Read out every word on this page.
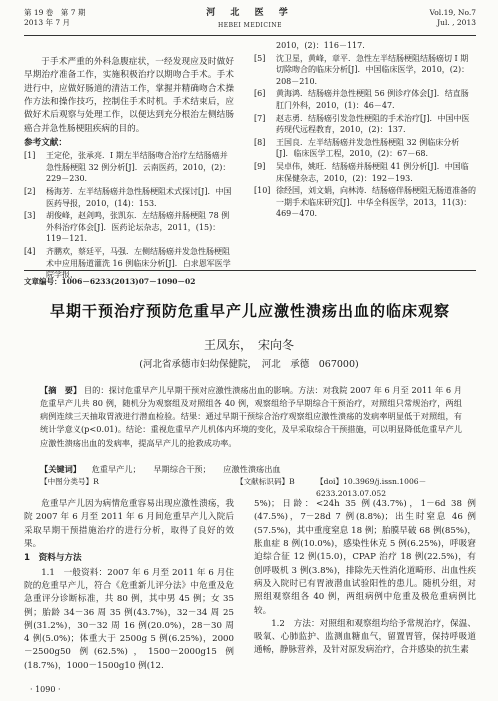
第 19 卷　第 7 期
2013 年 7 月
河 北 医 学
HEBEI MEDICINE
Vol.19, No.7
Jul. , 2013

于手术严重的外科急腹症状，一经发现应及时做好早期治疗准备工作，实施积极治疗以期吻合手术。手术进行中，应做好肠道的清洁工作，掌握并精确吻合术操作方法和操作技巧，控制住手术时机。手术结束后，应做好术后观察与处理工作，以便达到充分根治左侧结肠癌合并急性肠梗阻疾病的目的。

参考文献：
[1] 王定伦，张承亮．I 期左半结肠吻合治疗左结肠癌并急性肠梗阻 32 例分析[J]．云南医药，2010，(2)：229－230.
[2] 杨海芳．左半结肠癌并急性肠梗阻术式探讨[J]．中国医药导报，2010，(14)：153.
[3] 胡俊峰，赵剑鸣，张凯东．左结肠癌并肠梗阻 78 例外科治疗体会[J]．医药论坛杂志，2011，(15)：119－121.
[4] 齐鹏欢，蔡廷平，马强．左侧结肠癌并发急性肠梗阻术中应用肠道灌洗 16 例临床分析[J]．白求恩军医学院学报，
2010，(2)：116－117.
[5] 沈卫星，黄峰，章平．急性左半结肠梗阻结肠癌切 I 期切除吻合的临床分析[J]．中国临床医学，2010，(2)：208－210.
[6] 黄海鸿．结肠癌并急性梗阻 56 例诊疗体会[J]．结直肠肛门外科，2010，(1)：46－47.
[7] 赵志勇．结肠癌引发急性梗阻的手术治疗[J]．中国中医药现代远程教育，2010，(2)：137.
[8] 王国良．左半结肠癌并发急性肠梗阻 32 例临床分析[J]．临床医学工程，2010，(2)：67－68.
[9] 吴卓伟，姚旺．结肠癌并肠梗阻 41 例分析[J]．中国临床保健杂志，2010，(2)：192－193.
[10] 徐经国，刘文娟，向林涛．结肠癌伴肠梗阻无肠道准备的一期手术临床研究[J]．中华全科医学，2013，11(3)：469－470.
文章编号：1006－6233(2013)07－1090－02
早期干预治疗预防危重早产儿应激性溃疡出血的临床观察
王凤东，　宋向冬
(河北省承德市妇幼保健院，　河北　承德　067000)
【摘　要】 目的：探讨危重早产儿早期干预对应激性溃疡出血的影响。方法：对我院 2007 年 6 月至 2011 年 6 月危重早产儿共 80 例，随机分为观察组及对照组各 40 例，观察组给予早期综合干预治疗，对照组只常规治疗，两组病例连续三天抽取胃液进行潜血检验。结果：通过早期干预综合治疗观察组应激性溃疡的发病率明显低于对照组，有统计学意义(p<0.01)。结论：重视危重早产儿机体内环境的变化，及早采取综合干预措施，可以明显降低危重早产儿应激性溃疡出血的发病率，提高早产儿的抢救成功率。
【关键词】 危重早产儿； 早期综合干预； 应激性溃疡出血
【中图分类号】R	【文献标识码】B	【doi】10.3969/j.issn.1006－6233.2013.07.052

危重早产儿因为病情危重容易出现应激性溃疡，我院 2007 年 6 月至 2011 年 6 月间危重早产儿入院后采取早期干预措施治疗的进行分析，取得了良好的效果。

1　资料与方法

1.1　一般资料：2007 年 6 月至 2011 年 6 月住院的危重早产儿，符合《危重新儿评分法》中危重及危急重评分诊断标准，共 80 例，其中男 45 例；女 35 例；胎龄 34－36 周 35 例(43.7%)，32－34 周 25 例(31.2%)，30－32 周 16 例(20.0%)，28－30 周 4 例(5.0%)；体重大于 2500g 5 例(6.25%)，2000－2500g50 例(62.5%)，1500－2000g15 例(18.7%)，1000－1500g10 例(12.

5%)；日龄：<24h 35 例(43.7%)，1－6d 38 例(47.5%)，7－28d 7 例(8.8%)；出生时窒息 46 例(57.5%)，其中重度窒息 18 例；胎膜早破 68 例(85%)，胀血症 8 例(10.0%)，感染性休克 5 例(6.25%)，呼吸窘迫综合征 12 例(15.0)，CPAP 治疗 18 例(22.5%)，有创呼吸机 3 例(3.8%)，排除先天性消化道畸形、出血性疾病及入院时已有胃液潜血试验阳性的患儿。随机分组，对照组观察组各 40 例，两组病例中危重及极危重病例比较。

1.2　方法：对照组和观察组均给予常规治疗，保温、吸氧、心肺监护、监测血糖血气，留置胃管，保持呼吸道通畅，静脉营养，及针对原发病治疗，合并感染的抗生素

· 1090 ·
